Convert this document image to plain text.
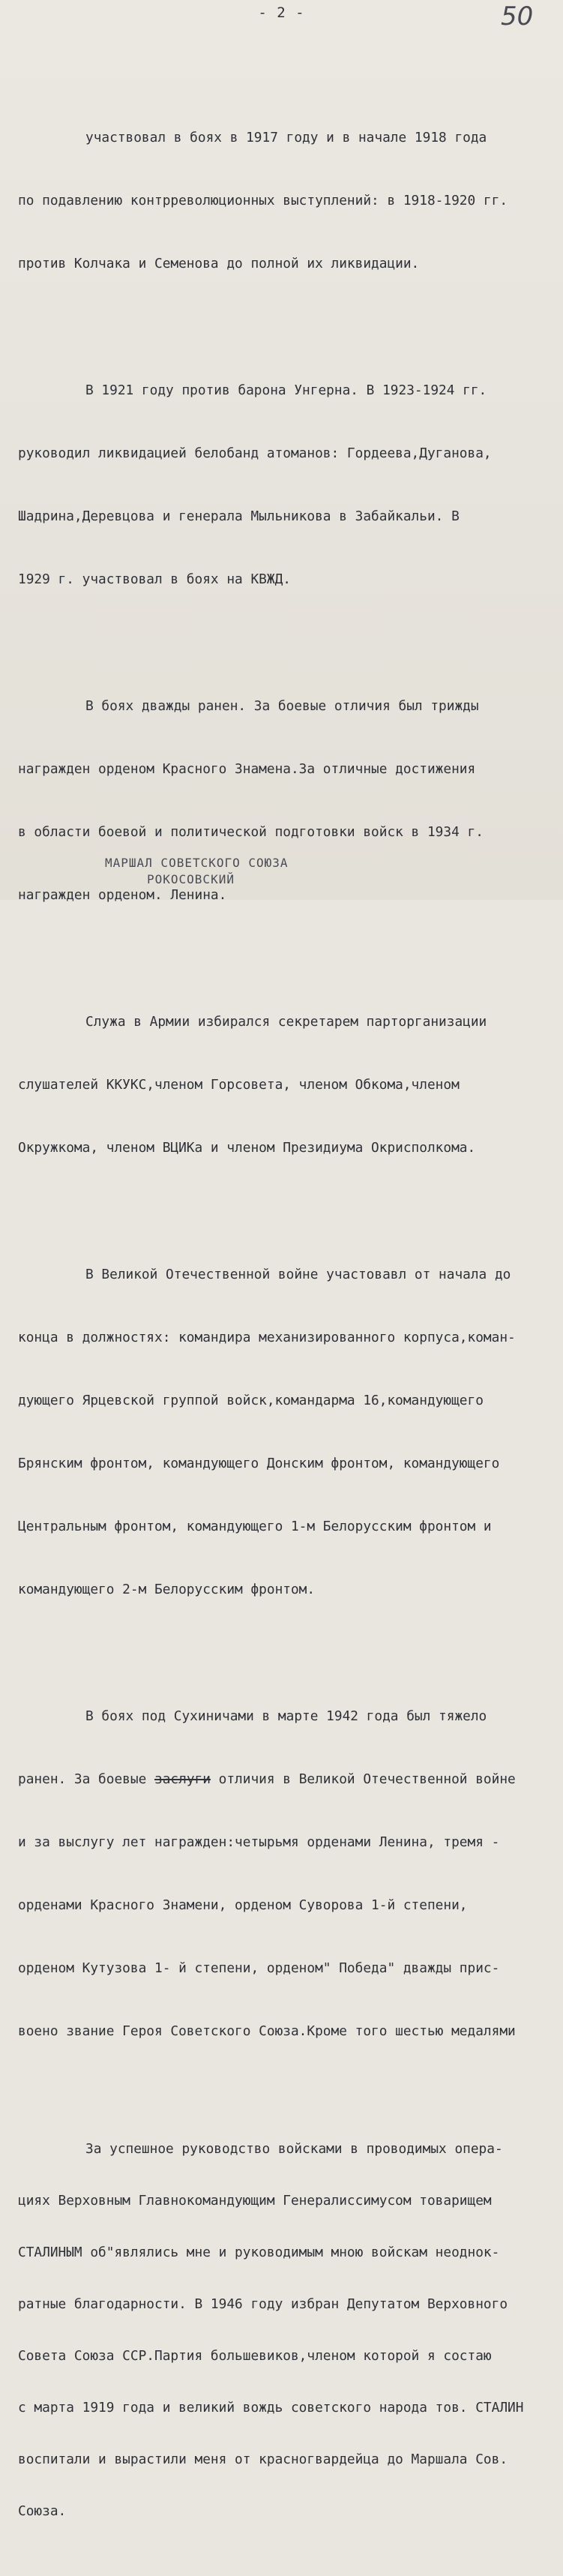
- 2 -	50

участвовал в боях в 1917 году и в начале 1918 года

по подавлению контрреволюционных выступлений: в 1918-1920 гг.

против Колчака и Семенова до полной их ликвидации.

В 1921 году против барона Унгерна. В 1923-1924 гг.

руководил ликвидацией белобанд атоманов: Гордеева,Дуганова,

Шадрина,Деревцова и генерала Мыльникова в Забайкальи. В

1929 г. участвовал в боях на КВЖД.

В боях дважды ранен. За боевые отличия был трижды

награжден орденом Красного Знамена.За отличные достижения

в области боевой и политической подготовки войск в 1934 г.

награжден орденом. Ленина.

Служа в Армии избирался секретарем парторганизации

слушателей ККУКС,членом Горсовета, членом Обкома,членом

Окружкома, членом ВЦИКа и членом Президиума Окрисполкома.

В Великой Отечественной войне участовавл от начала до

конца в должностях: командира механизированного корпуса,коман-

дующего Ярцевской группой войск,командарма 16,командующего

Брянским фронтом, командующего Донским фронтом, командующего

Центральным фронтом, командующего 1-м Белорусским фронтом и

командующего 2-м Белорусским фронтом.

В боях под Сухиничами в марте 1942 года был тяжело

ранен. За боевые заслуги отличия в Великой Отечественной войне

и за выслугу лет награжден:четырьмя орденами Ленина, тремя -

орденами Красного Знамени, орденом Суворова 1-й степени,

орденом Кутузова 1- й степени, орденом" Победа" дважды прис-

воено звание Героя Советского Союза.Кроме того шестью медалями

За успешное руководство войсками в проводимых опера-

циях Верховным Главнокомандующим Генералиссимусом товарищем

СТАЛИНЫМ об"являлись мне и руководимым мною войскам неоднок-

ратные благодарности. В 1946 году избран Депутатом Верховного

Совета Союза ССР.Партия большевиков,членом которой я состаю

с марта 1919 года и великий вождь советского народа тов. СТАЛИН

воспитали и вырастили меня от красногвардейца до Маршала Сов.

Союза.

МАРШАЛ СОВЕТСКОГО СОЮЗА
РОКОСОВСКИЙ
